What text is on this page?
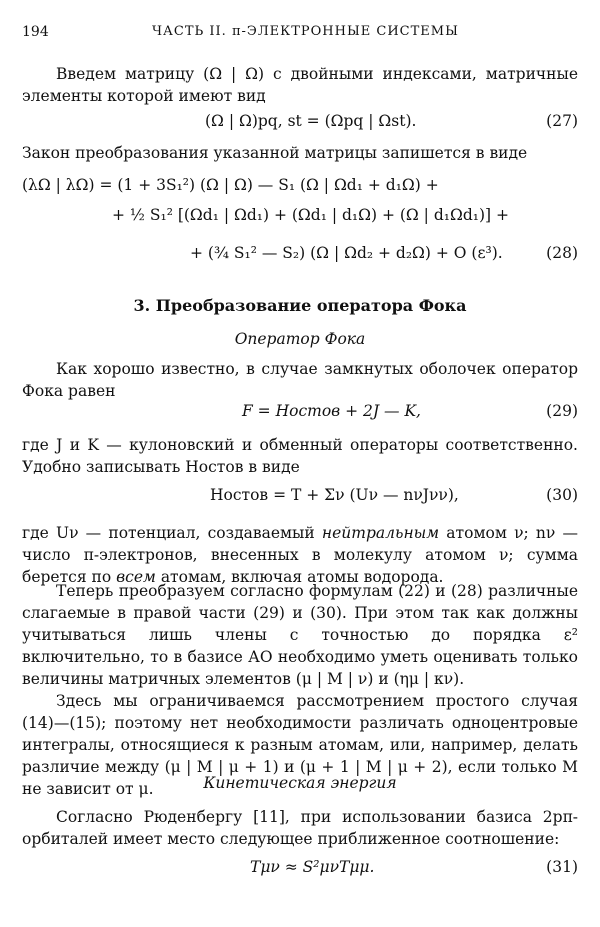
194	ЧАСТЬ II. π-ЭЛЕКТРОННЫЕ СИСТЕМЫ
Введем матрицу (Ω | Ω) с двойными индексами, матричные элементы которой имеют вид
(Ω | Ω)pq, st = (Ωpq | Ωst).	(27)
Закон преобразования указанной матрицы запишется в виде
(λΩ | λΩ) = (1 + 3S₁²) (Ω | Ω) — S₁ (Ω | Ωd₁ + d₁Ω) +
+ ½ S₁² [(Ωd₁ | Ωd₁) + (Ωd₁ | d₁Ω) + (Ω | d₁Ωd₁)] +
+ (¾ S₁² — S₂) (Ω | Ωd₂ + d₂Ω) + O (ε³).	(28)
3. Преобразование оператора Фока
Оператор Фока
Как хорошо известно, в случае замкнутых оболочек оператор Фока равен
F = Hостов + 2J — K,	(29)
где J и K — кулоновский и обменный операторы соответственно. Удобно записывать Hостов в виде
Hостов = T + Σν (Uν — nνJνν),	(30)
где Uν — потенциал, создаваемый нейтральным атомом ν; nν — число π-электронов, внесенных в молекулу атомом ν; сумма берется по всем атомам, включая атомы водорода.
Теперь преобразуем согласно формулам (22) и (28) различные слагаемые в правой части (29) и (30). При этом так как должны учитываться лишь члены с точностью до порядка ε² включительно, то в базисе АО необходимо уметь оценивать только величины матричных элементов (μ | M | ν) и (ημ | κν).
Здесь мы ограничиваемся рассмотрением простого случая (14)—(15); поэтому нет необходимости различать одноцентровые интегралы, относящиеся к разным атомам, или, например, делать различие между (μ | M | μ + 1) и (μ + 1 | M | μ + 2), если только M не зависит от μ.	Кинетическая энергия
Согласно Рюденбергу [11], при использовании базиса 2pπ-орбиталей имеет место следующее приближенное соотношение:
Tμν ≈ S²μνTμμ.	(31)
